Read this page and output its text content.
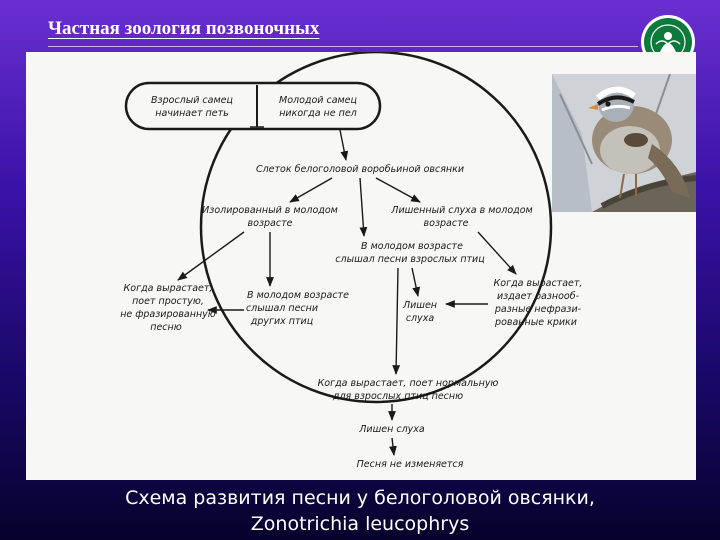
Частная зоология позвоночных
Взрослый самец
начинает петь
Молодой самец
никогда не пел
Слеток белоголовой воробьиной овсянки
Изолированный в молодом
возрасте
Лишенный слуха в молодом
возрасте
В молодом возрасте
слышал песни взрослых птиц
Когда вырастает,
поет простую,
не фразированную
песню
В молодом возрасте
слышал песни
других птиц
Лишен
слуха
Когда вырастает,
издает разнооб-
разные нефрази-
рованные крики
Когда вырастает, поет нормальную
для взрослых птиц песню
Лишен слуха
Песня не изменяется
Схема развития песни у белоголовой овсянки,
Zonotrichia leucophrys
